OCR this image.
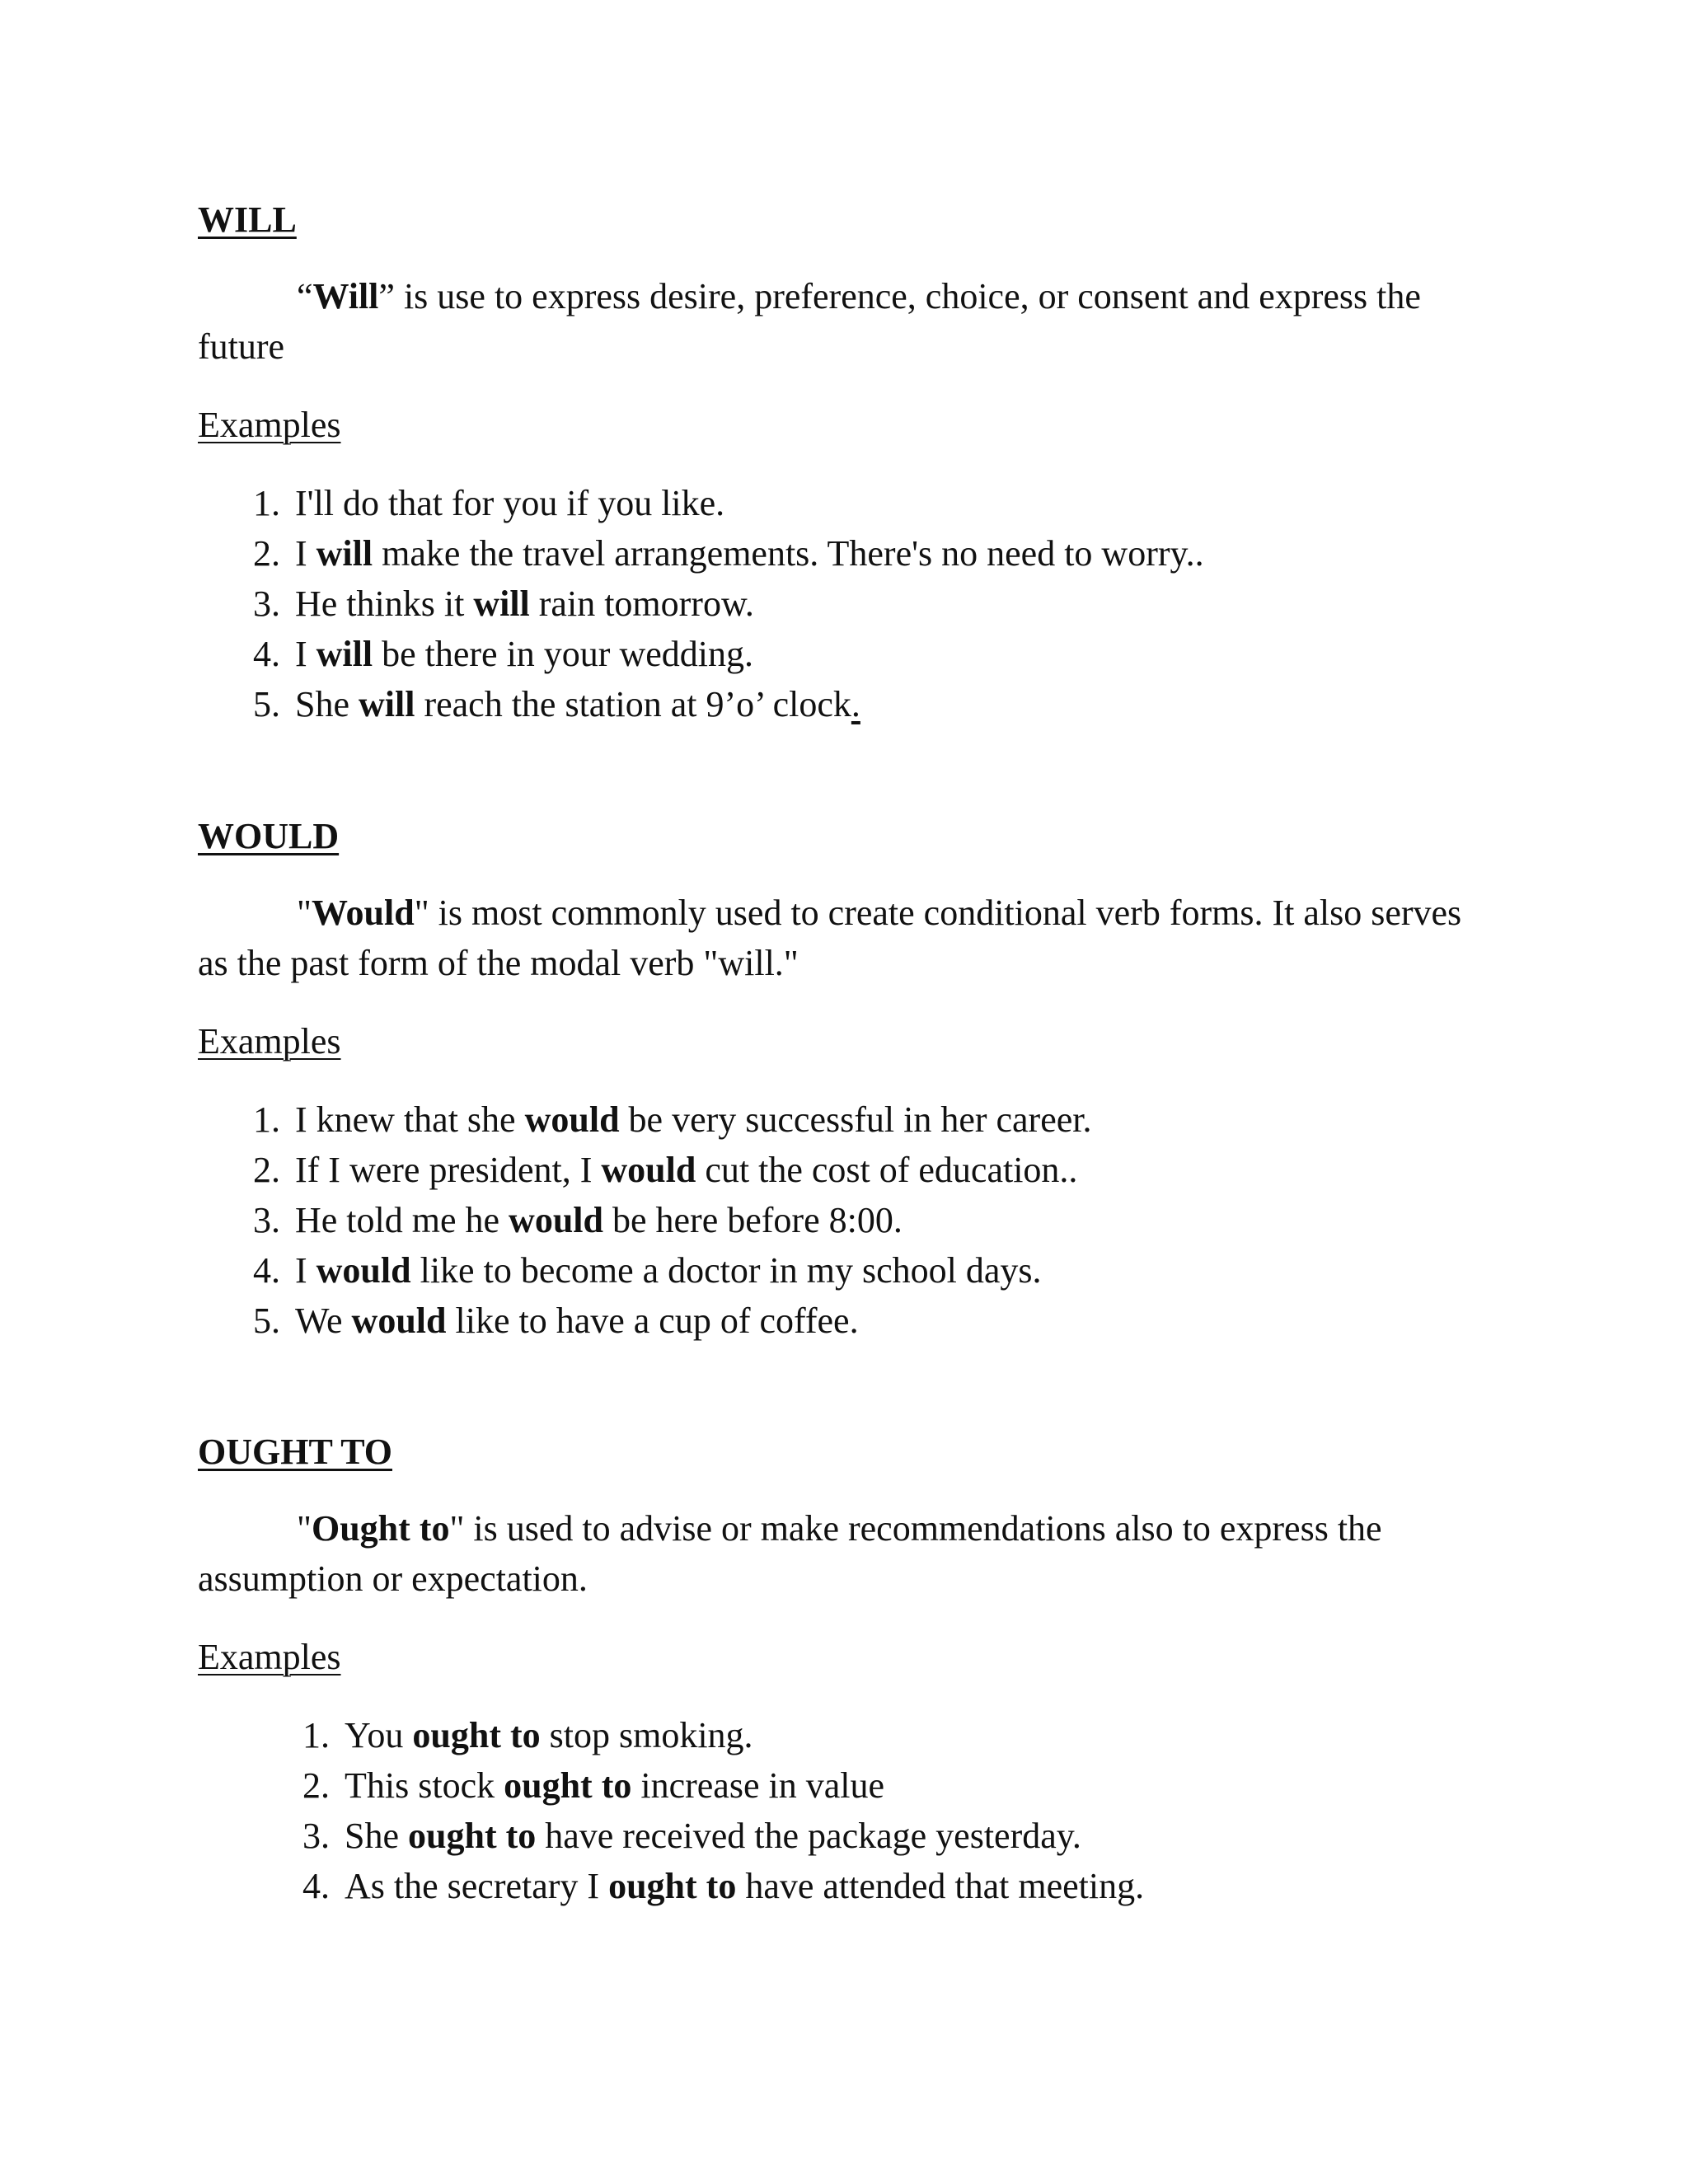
WILL
“Will” is use to express desire, preference, choice, or consent and express the future
Examples
1. I'll do that for you if you like.
2. I will make the travel arrangements. There's no need to worry..
3. He thinks it will rain tomorrow.
4. I will be there in your wedding.
5. She will reach the station at 9’o’ clock.
WOULD
"Would" is most commonly used to create conditional verb forms. It also serves as the past form of the modal verb "will."
Examples
1. I knew that she would be very successful in her career.
2. If I were president, I would cut the cost of education..
3. He told me he would be here before 8:00.
4. I would like to become a doctor in my school days.
5. We would like to have a cup of coffee.
OUGHT TO
"Ought to" is used to advise or make recommendations also to express the assumption or expectation.
Examples
1. You ought to stop smoking.
2. This stock ought to increase in value
3. She ought to have received the package yesterday.
4. As the secretary I ought to have attended that meeting.
